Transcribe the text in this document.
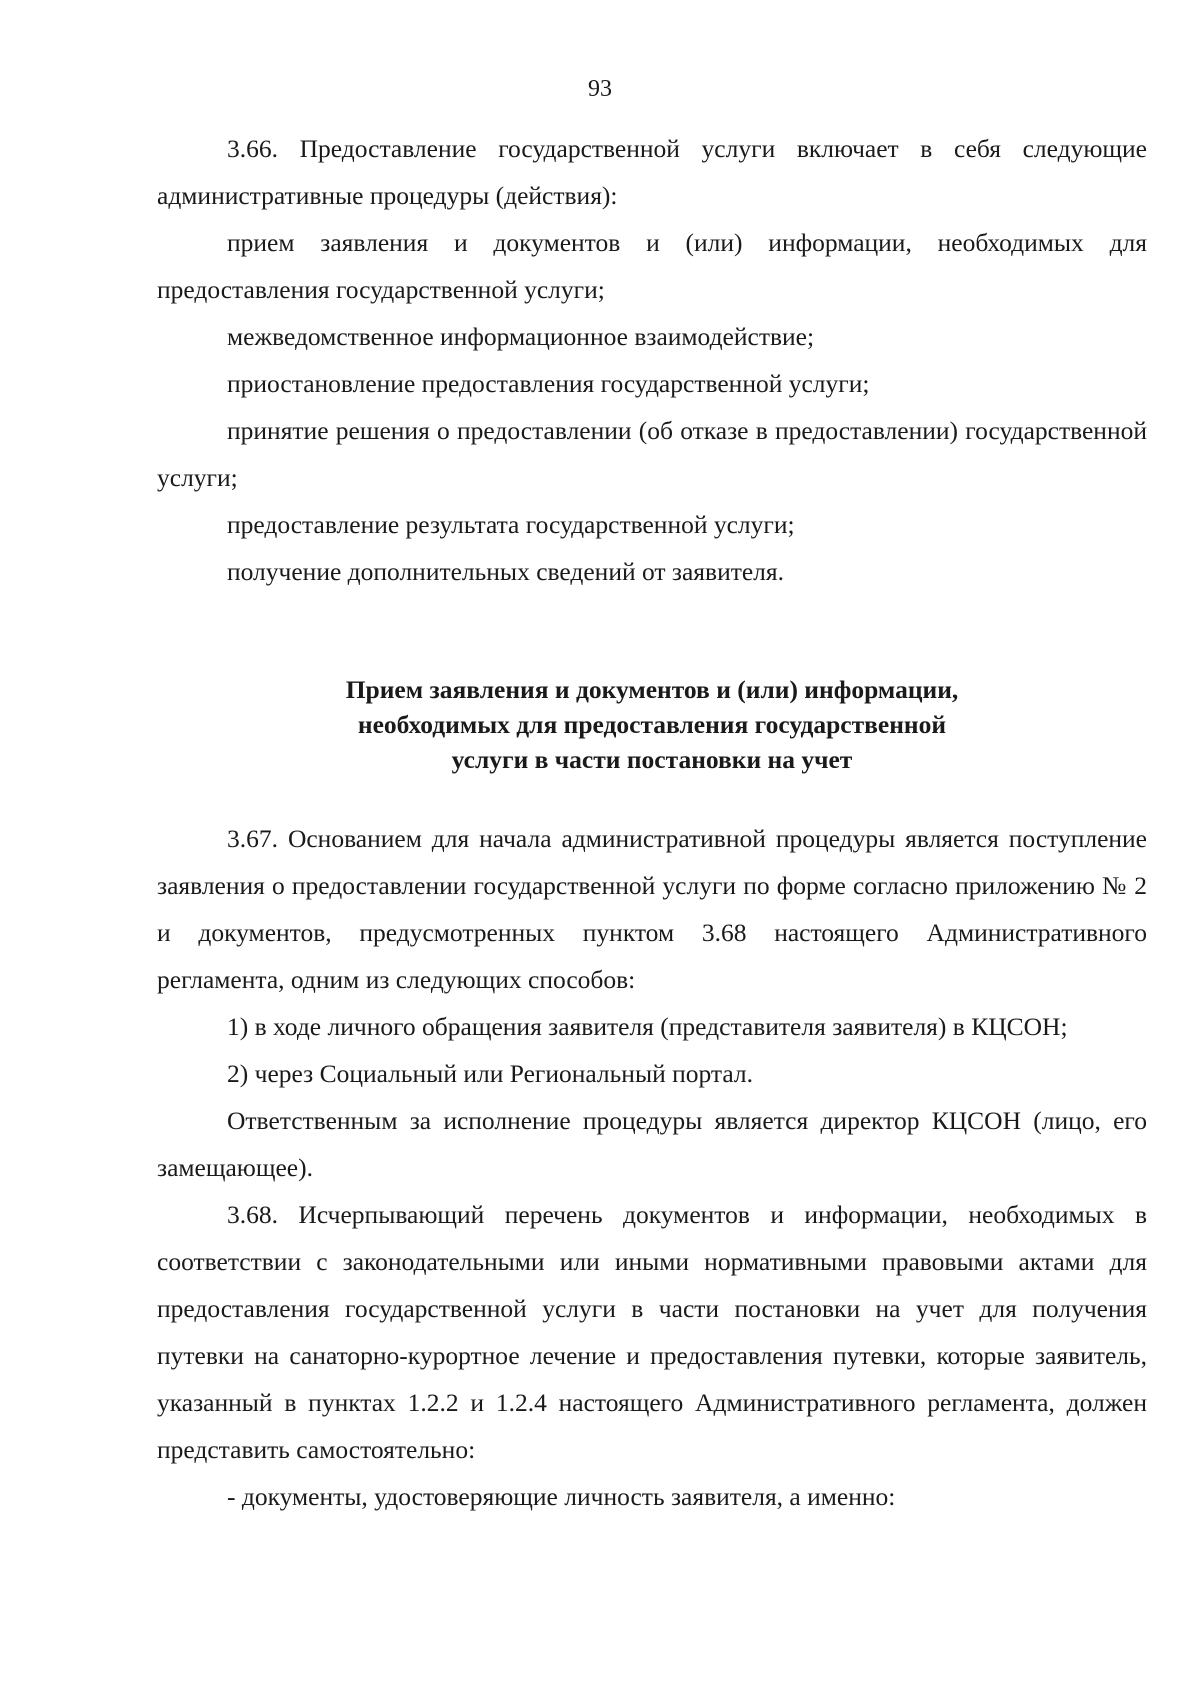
93

3.66. Предоставление государственной услуги включает в себя следующие административные процедуры (действия):

прием заявления и документов и (или) информации, необходимых для предоставления государственной услуги;

межведомственное информационное взаимодействие;

приостановление предоставления государственной услуги;

принятие решения о предоставлении (об отказе в предоставлении) государственной услуги;

предоставление результата государственной услуги;

получение дополнительных сведений от заявителя.

Прием заявления и документов и (или) информации,
необходимых для предоставления государственной
услуги в части постановки на учет

3.67. Основанием для начала административной процедуры является поступление заявления о предоставлении государственной услуги по форме согласно приложению № 2 и документов, предусмотренных пунктом 3.68 настоящего Административного регламента, одним из следующих способов:

1) в ходе личного обращения заявителя (представителя заявителя) в КЦСОН;

2) через Социальный или Региональный портал.

Ответственным за исполнение процедуры является директор КЦСОН (лицо, его замещающее).

3.68. Исчерпывающий перечень документов и информации, необходимых в соответствии с законодательными или иными нормативными правовыми актами для предоставления государственной услуги в части постановки на учет для получения путевки на санаторно-курортное лечение и предоставления путевки, которые заявитель, указанный в пунктах 1.2.2 и 1.2.4 настоящего Административного регламента, должен представить самостоятельно:

- документы, удостоверяющие личность заявителя, а именно:
